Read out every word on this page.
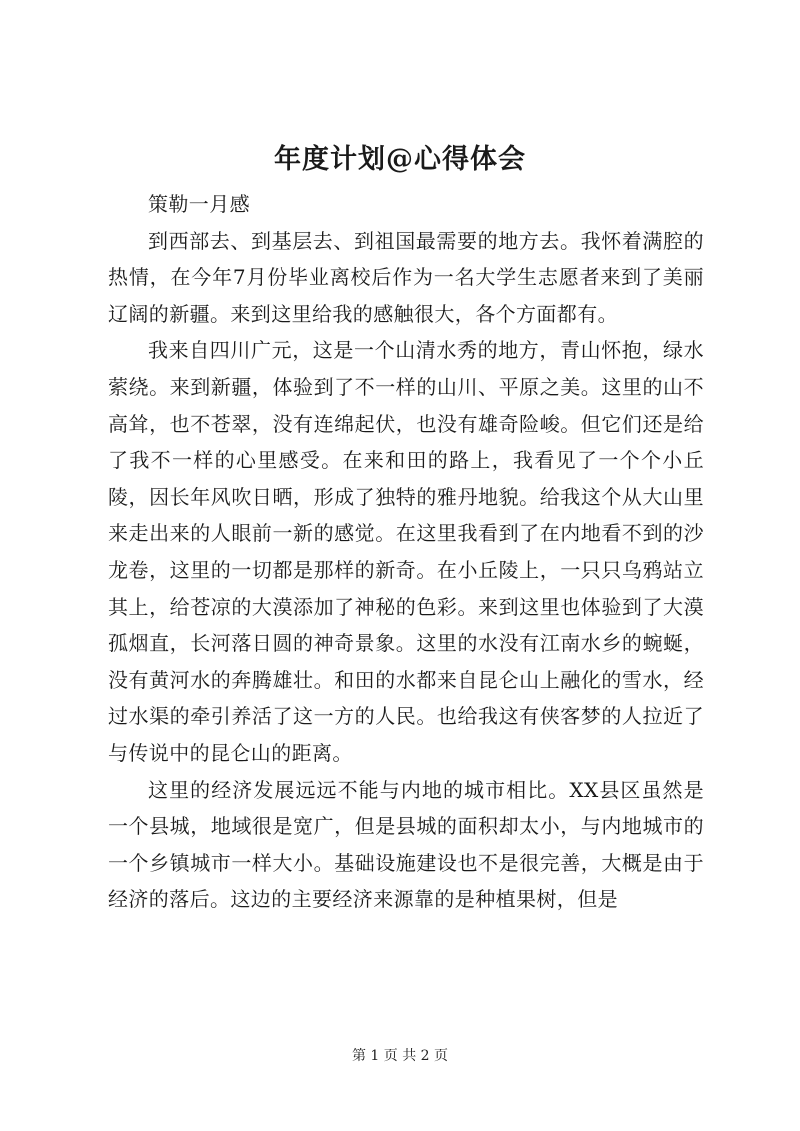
年度计划@心得体会

策勒一月感

到西部去、到基层去、到祖国最需要的地方去。我怀着满腔的热情，在今年7月份毕业离校后作为一名大学生志愿者来到了美丽辽阔的新疆。来到这里给我的感触很大，各个方面都有。

我来自四川广元，这是一个山清水秀的地方，青山怀抱，绿水萦绕。来到新疆，体验到了不一样的山川、平原之美。这里的山不高耸，也不苍翠，没有连绵起伏，也没有雄奇险峻。但它们还是给了我不一样的心里感受。在来和田的路上，我看见了一个个小丘陵，因长年风吹日晒，形成了独特的雅丹地貌。给我这个从大山里来走出来的人眼前一新的感觉。在这里我看到了在内地看不到的沙龙卷，这里的一切都是那样的新奇。在小丘陵上，一只只乌鸦站立其上，给苍凉的大漠添加了神秘的色彩。来到这里也体验到了大漠孤烟直，长河落日圆的神奇景象。这里的水没有江南水乡的蜿蜒，没有黄河水的奔腾雄壮。和田的水都来自昆仑山上融化的雪水，经过水渠的牵引养活了这一方的人民。也给我这有侠客梦的人拉近了与传说中的昆仑山的距离。

这里的经济发展远远不能与内地的城市相比。XX县区虽然是一个县城，地域很是宽广，但是县城的面积却太小，与内地城市的一个乡镇城市一样大小。基础设施建设也不是很完善，大概是由于经济的落后。这边的主要经济来源靠的是种植果树，但是

第 1 页 共 2 页
